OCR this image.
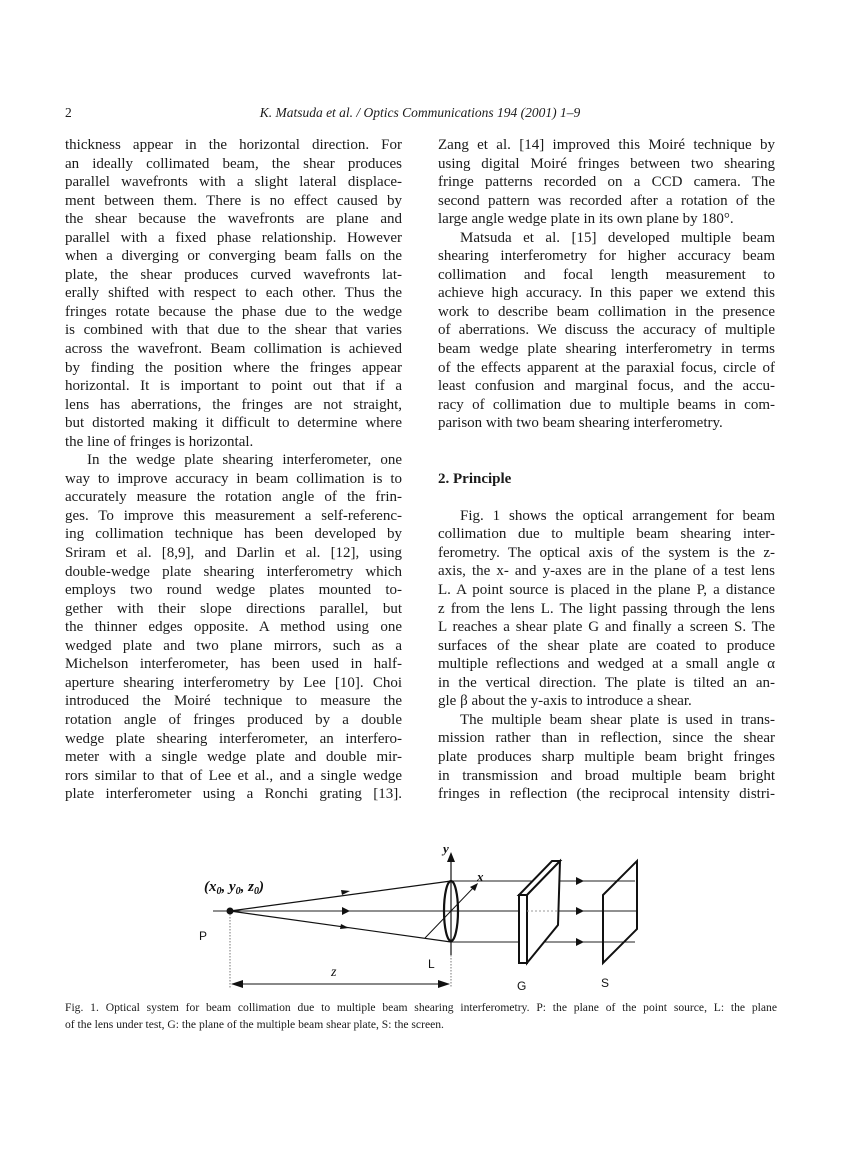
2	K. Matsuda et al. / Optics Communications 194 (2001) 1–9

thickness appear in the horizontal direction. For
an ideally collimated beam, the shear produces
parallel wavefronts with a slight lateral displace-
ment between them. There is no effect caused by
the shear because the wavefronts are plane and
parallel with a fixed phase relationship. However
when a diverging or converging beam falls on the
plate, the shear produces curved wavefronts lat-
erally shifted with respect to each other. Thus the
fringes rotate because the phase due to the wedge
is combined with that due to the shear that varies
across the wavefront. Beam collimation is achieved
by finding the position where the fringes appear
horizontal. It is important to point out that if a
lens has aberrations, the fringes are not straight,
but distorted making it difficult to determine where
the line of fringes is horizontal.

In the wedge plate shearing interferometer, one
way to improve accuracy in beam collimation is to
accurately measure the rotation angle of the frin-
ges. To improve this measurement a self-referenc-
ing collimation technique has been developed by
Sriram et al. [8,9], and Darlin et al. [12], using
double-wedge plate shearing interferometry which
employs two round wedge plates mounted to-
gether with their slope directions parallel, but
the thinner edges opposite. A method using one
wedged plate and two plane mirrors, such as a
Michelson interferometer, has been used in half-
aperture shearing interferometry by Lee [10]. Choi
introduced the Moiré technique to measure the
rotation angle of fringes produced by a double
wedge plate shearing interferometer, an interfero-
meter with a single wedge plate and double mir-
rors similar to that of Lee et al., and a single wedge
plate interferometer using a Ronchi grating [13].

Zang et al. [14] improved this Moiré technique by
using digital Moiré fringes between two shearing
fringe patterns recorded on a CCD camera. The
second pattern was recorded after a rotation of the
large angle wedge plate in its own plane by 180°.

Matsuda et al. [15] developed multiple beam
shearing interferometry for higher accuracy beam
collimation and focal length measurement to
achieve high accuracy. In this paper we extend this
work to describe beam collimation in the presence
of aberrations. We discuss the accuracy of multiple
beam wedge plate shearing interferometry in terms
of the effects apparent at the paraxial focus, circle of
least confusion and marginal focus, and the accu-
racy of collimation due to multiple beams in com-
parison with two beam shearing interferometry.

2. Principle

Fig. 1 shows the optical arrangement for beam
collimation due to multiple beam shearing inter-
ferometry. The optical axis of the system is the z-
axis, the x- and y-axes are in the plane of a test lens
L. A point source is placed in the plane P, a distance
z from the lens L. The light passing through the lens
L reaches a shear plate G and finally a screen S. The
surfaces of the shear plate are coated to produce
multiple reflections and wedged at a small angle α
in the vertical direction. The plate is tilted an an-
gle β about the y-axis to introduce a shear.

The multiple beam shear plate is used in trans-
mission rather than in reflection, since the shear
plate produces sharp multiple beam bright fringes
in transmission and broad multiple beam bright
fringes in reflection (the reciprocal intensity distri-

($x_0$, $y_0$, $z_0$)
P
L
G	S
z
x
y
Fig. 1. Optical system for beam collimation due to multiple beam shearing interferometry. P: the plane of the point source, L: the plane
of the lens under test, G: the plane of the multiple beam shear plate, S: the screen.
